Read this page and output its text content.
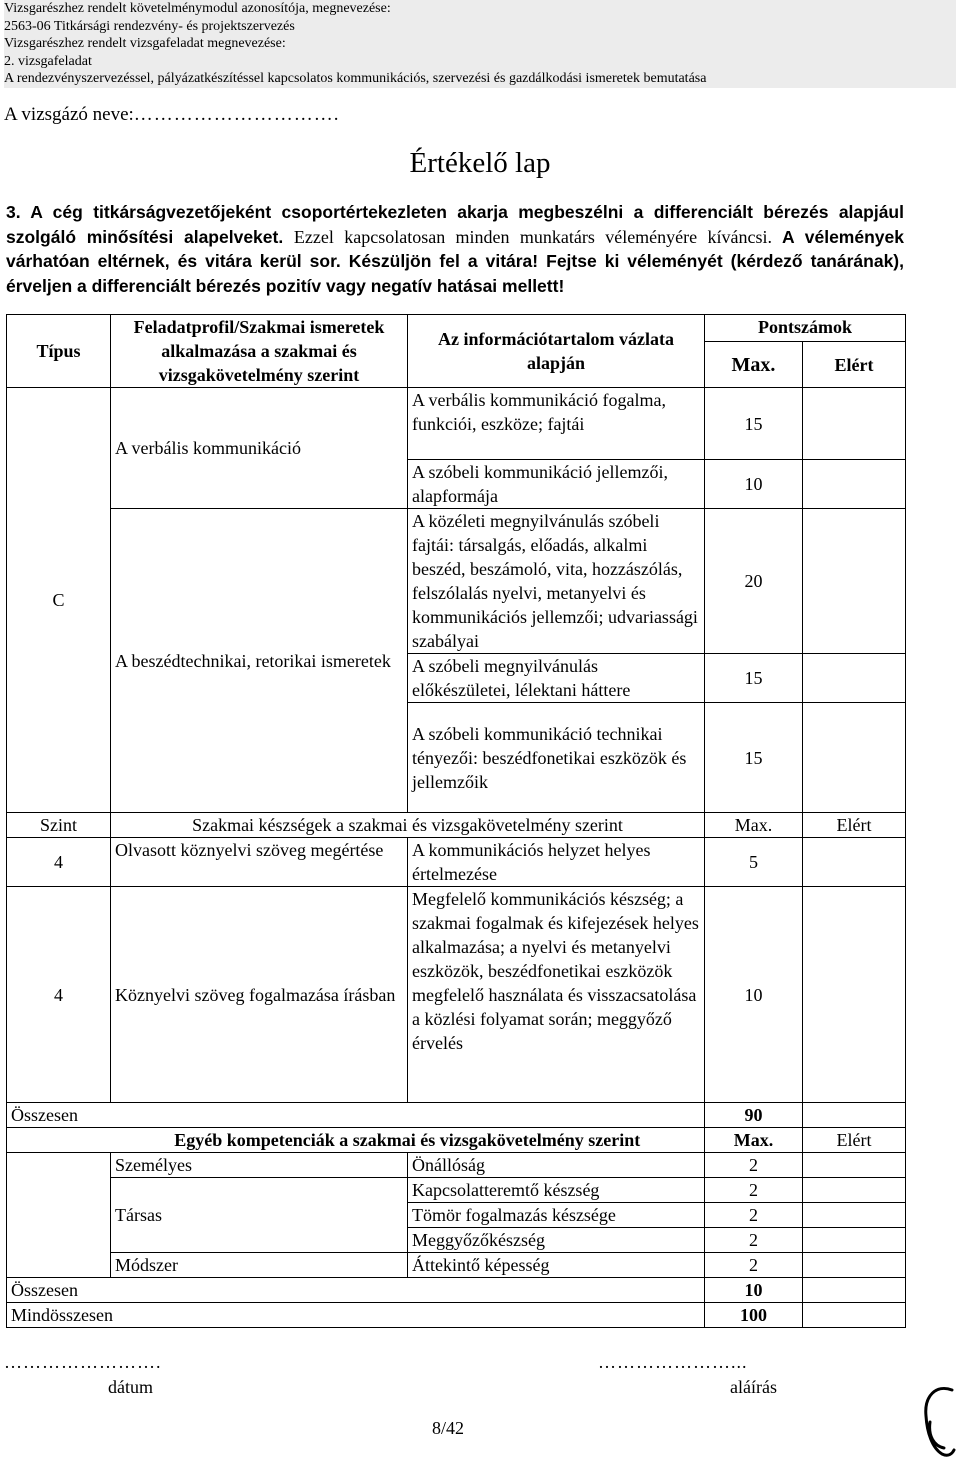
Vizsgarészhez rendelt követelménymodul azonosítója, megnevezése:
2563-06 Titkársági rendezvény- és projektszervezés
Vizsgarészhez rendelt vizsgafeladat megnevezése:
2. vizsgafeladat
A rendezvényszervezéssel, pályázatkészítéssel kapcsolatos kommunikációs, szervezési és gazdálkodási ismeretek bemutatása
A vizsgázó neve:………………………….
Értékelő lap
3. A cég titkárságvezetőjeként csoportértekezleten akarja megbeszélni a differenciált bérezés alapjául szolgáló minősítési alapelveket. Ezzel kapcsolatosan minden munkatárs véleményére kíváncsi. A vélemények várhatóan eltérnek, és vitára kerül sor. Készüljön fel a vitára! Fejtse ki véleményét (kérdező tanárának), érveljen a differenciált bérezés pozitív vagy negatív hatásai mellett!
Típus	Feladatprofil/Szakmai ismeretek alkalmazása a szakmai és vizsgakövetelmény szerint	Az információtartalom vázlata alapján	Pontszámok	
			Max.	Elért
C	A verbális kommunikáció	A verbális kommunikáció fogalma, funkciói, eszköze; fajtái	15	
		A szóbeli kommunikáció jellemzői, alapformája	10	
	A beszédtechnikai, retorikai ismeretek	A közéleti megnyilvánulás szóbeli fajtái: társalgás, előadás, alkalmi beszéd, beszámoló, vita, hozzászólás, felszólalás nyelvi, metanyelvi és kommunikációs jellemzői; udvariassági szabályai	20	
		A szóbeli megnyilvánulás előkészületei, lélektani háttere	15	
		A szóbeli kommunikáció technikai tényezői: beszédfonetikai eszközök és jellemzőik	15	
Szint	Szakmai készségek a szakmai és vizsgakövetelmény szerint		Max.	Elért
4	Olvasott köznyelvi szöveg megértése	A kommunikációs helyzet helyes értelmezése	5	
4	Köznyelvi szöveg fogalmazása írásban	Megfelelő kommunikációs készség; a szakmai fogalmak és kifejezések helyes alkalmazása; a nyelvi és metanyelvi eszközök, beszédfonetikai eszközök megfelelő használata és visszacsatolása a közlési folyamat során; meggyőző érvelés	10	
Összesen			90	
	Egyéb kompetenciák a szakmai és vizsgakövetelmény szerint		Max.	Elért
	Személyes	Önállóság	2	
	Társas	Kapcsolatteremtő készség	2	
		Tömör fogalmazás készsége	2	
		Meggyőzőkészség	2	
	Módszer	Áttekintő képesség	2	
Összesen			10	
Mindösszesen			100	
…………………….	…………………...
dátum	aláírás
8/42
